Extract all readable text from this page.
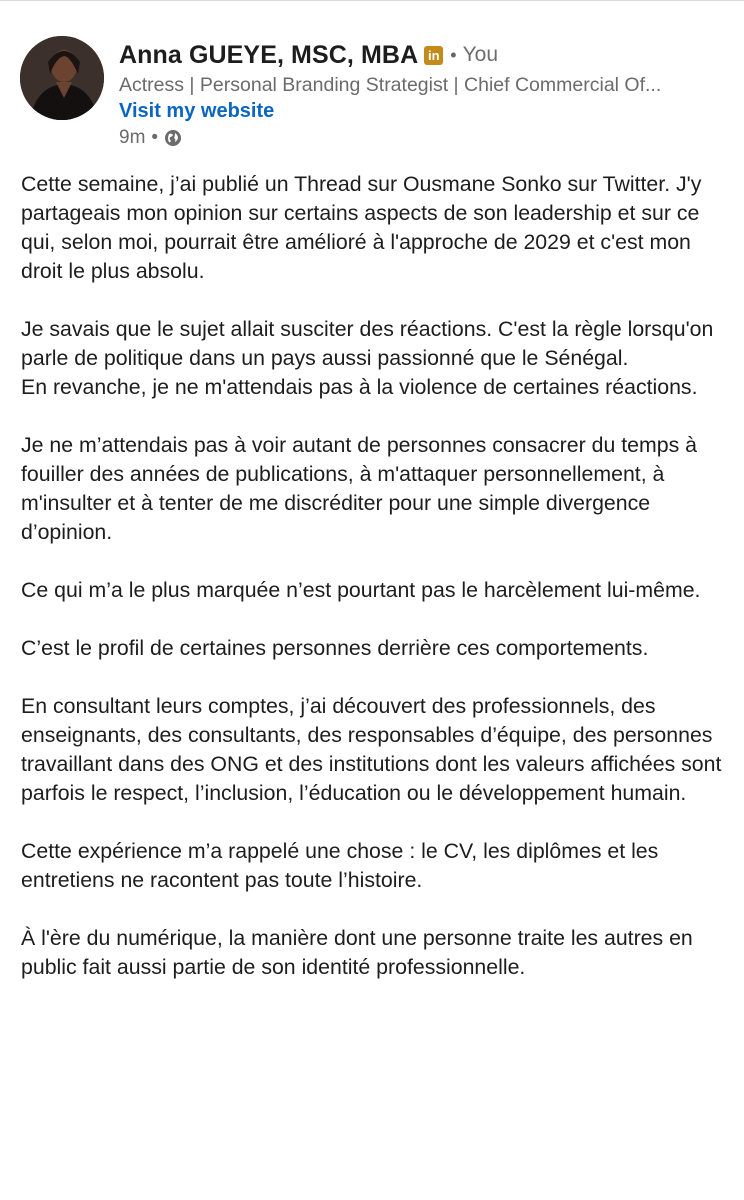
Anna GUEYE, MSC, MBA in • You
Actress | Personal Branding Strategist | Chief Commercial Of...
Visit my website
9m •

Cette semaine, j’ai publié un Thread sur Ousmane Sonko sur Twitter. J'y partageais mon opinion sur certains aspects de son leadership et sur ce qui, selon moi, pourrait être amélioré à l'approche de 2029 et c'est mon droit le plus absolu.

Je savais que le sujet allait susciter des réactions. C'est la règle lorsqu'on parle de politique dans un pays aussi passionné que le Sénégal.
En revanche, je ne m'attendais pas à la violence de certaines réactions.

Je ne m’attendais pas à voir autant de personnes consacrer du temps à fouiller des années de publications, à m'attaquer personnellement, à m'insulter et à tenter de me discréditer pour une simple divergence d’opinion.

Ce qui m’a le plus marquée n’est pourtant pas le harcèlement lui-même.

C’est le profil de certaines personnes derrière ces comportements.

En consultant leurs comptes, j’ai découvert des professionnels, des enseignants, des consultants, des responsables d’équipe, des personnes travaillant dans des ONG et des institutions dont les valeurs affichées sont parfois le respect, l’inclusion, l’éducation ou le développement humain.

Cette expérience m’a rappelé une chose : le CV, les diplômes et les entretiens ne racontent pas toute l’histoire.

À l'ère du numérique, la manière dont une personne traite les autres en public fait aussi partie de son identité professionnelle.
